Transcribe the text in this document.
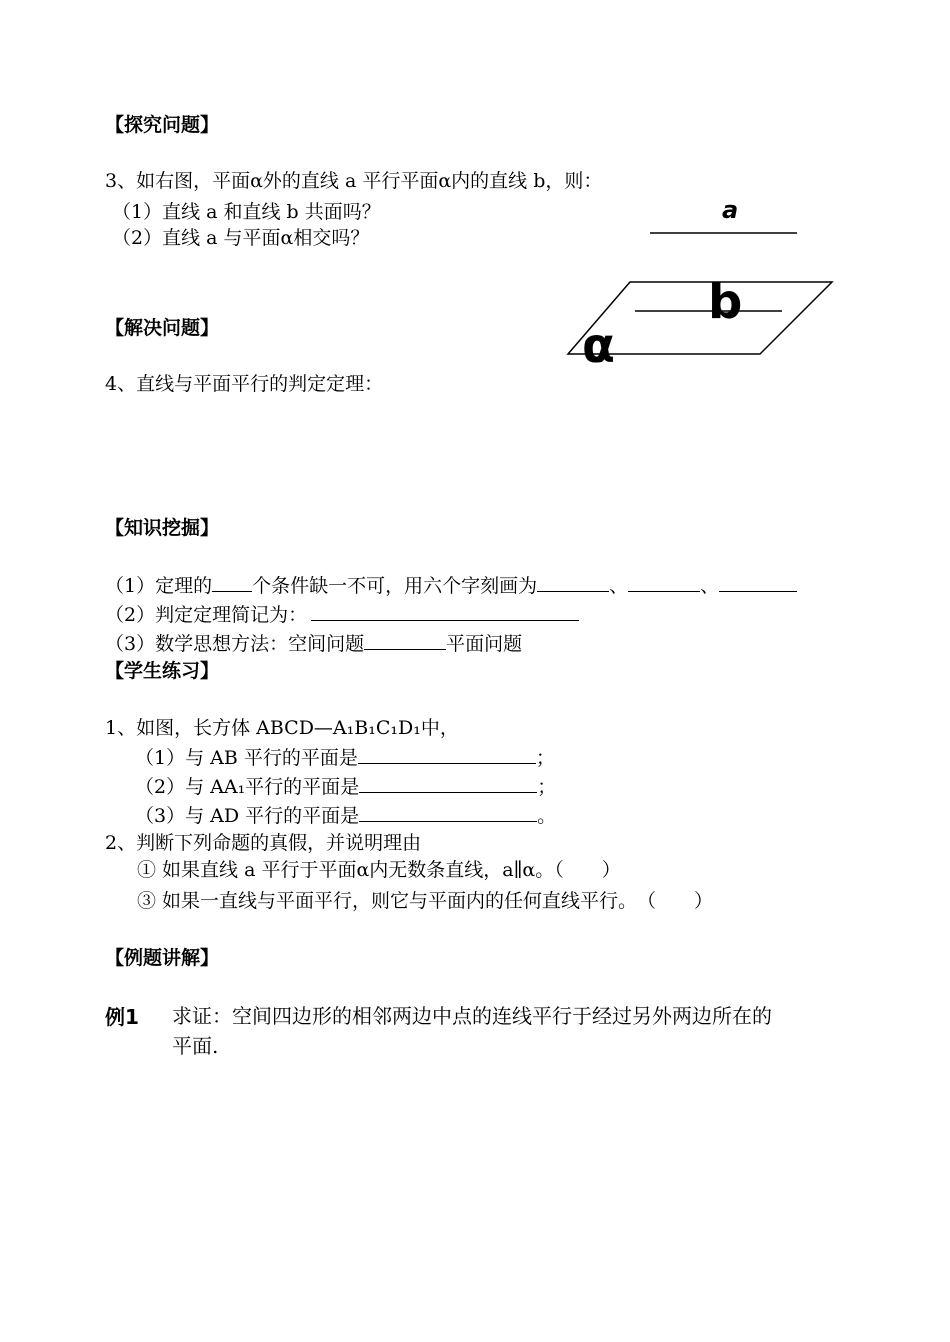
【探究问题】
3、如右图，平面α外的直线 a 平行平面α内的直线 b，则：
（1）直线 a 和直线 b 共面吗？
（2）直线 a 与平面α相交吗？
a
b
α
【解决问题】
4、直线与平面平行的判定定理：
【知识挖掘】
（1）定理的 个条件缺一不可，用六个字刻画为	、	、
（2）判定定理简记为：
（3）数学思想方法：空间问题	平面问题
【学生练习】
1、如图，长方体 ABCD—A₁B₁C₁D₁中，
（1）与 AB 平行的平面是	；
（2）与 AA₁平行的平面是	；
（3）与 AD 平行的平面是	。
2、判断下列命题的真假，并说明理由
① 如果直线 a 平行于平面α内无数条直线，a∥α。（　　）
③ 如果一直线与平面平行，则它与平面内的任何直线平行。　（　　）
【例题讲解】
例1 求证：空间四边形的相邻两边中点的连线平行于经过另外两边所在的
平面.
